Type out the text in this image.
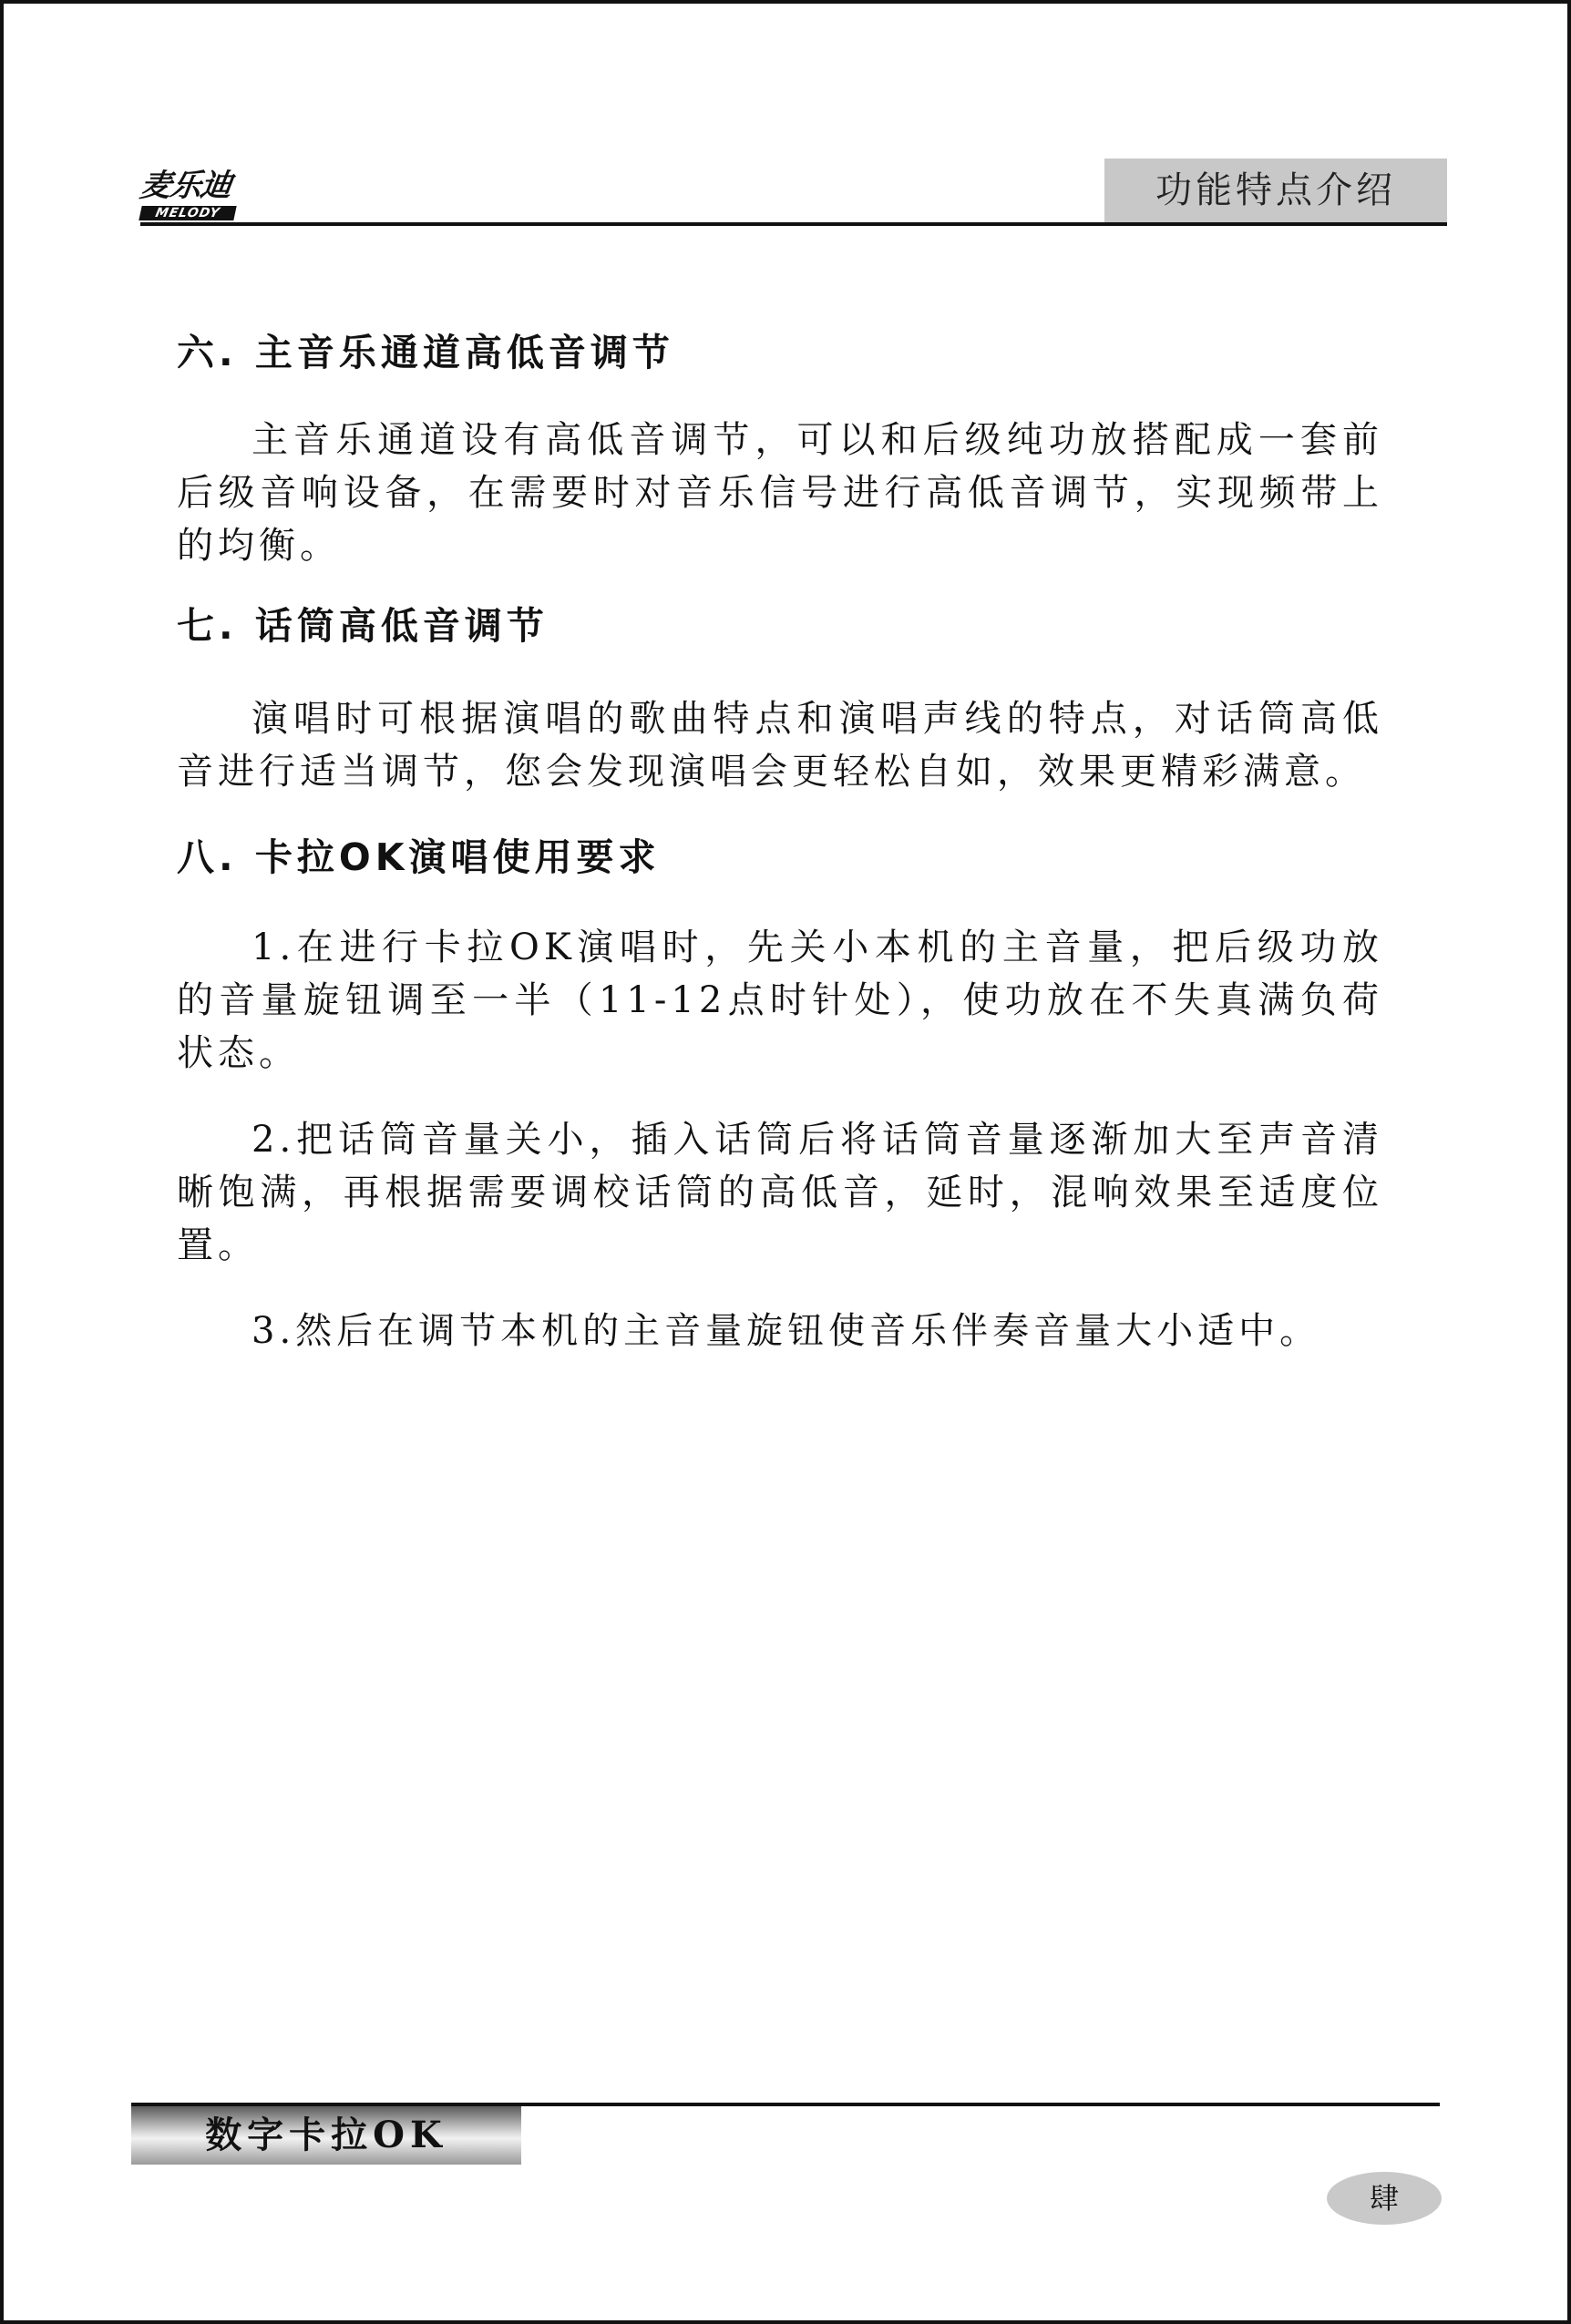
麦乐迪
MELODY
功能特点介绍
六. 主音乐通道高低音调节

主音乐通道设有高低音调节，可以和后级纯功放搭配成一套前后级音响设备，在需要时对音乐信号进行高低音调节，实现频带上的均衡。

七. 话筒高低音调节

演唱时可根据演唱的歌曲特点和演唱声线的特点，对话筒高低音进行适当调节，您会发现演唱会更轻松自如，效果更精彩满意。

八. 卡拉OK演唱使用要求

1.在进行卡拉OK演唱时，先关小本机的主音量，把后级功放的音量旋钮调至一半（11-12点时针处），使功放在不失真满负荷状态。

2.把话筒音量关小，插入话筒后将话筒音量逐渐加大至声音清晰饱满，再根据需要调校话筒的高低音，延时，混响效果至适度位置。

3.然后在调节本机的主音量旋钮使音乐伴奏音量大小适中。

数字卡拉OK
肆
